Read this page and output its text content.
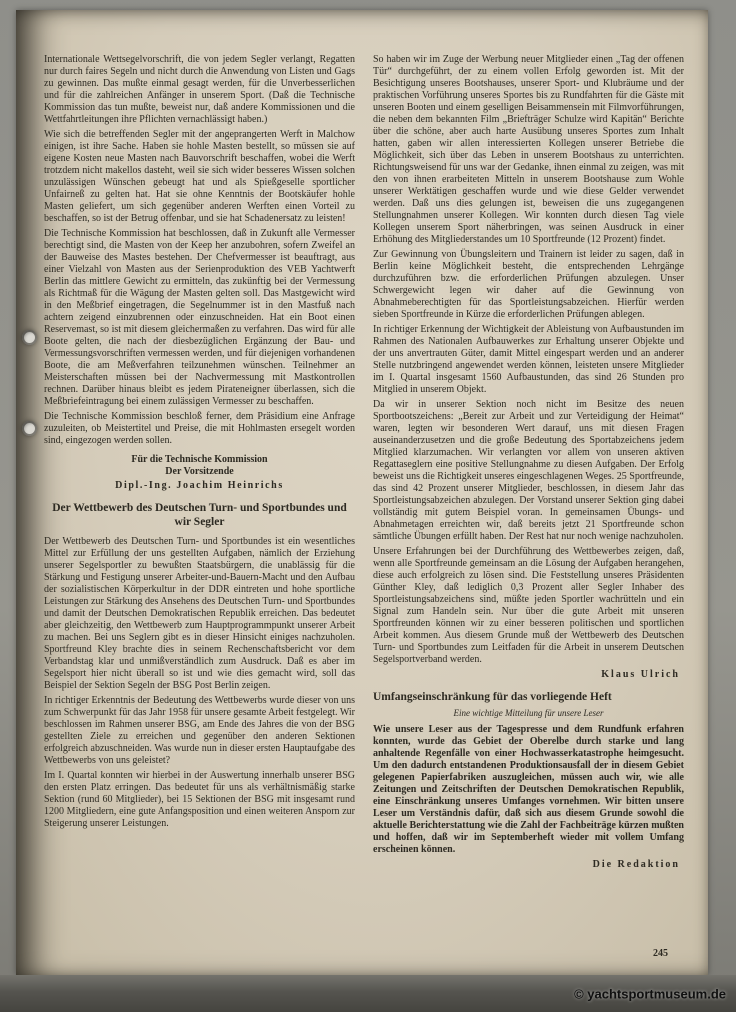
Internationale Wettsegelvorschrift, die von jedem Segler verlangt, Regatten nur durch faires Segeln und nicht durch die Anwendung von Listen und Gags zu gewinnen. Das mußte einmal gesagt werden, für die Unverbesserlichen und für die zahlreichen Anfänger in unserem Sport. (Daß die Technische Kommission das tun mußte, beweist nur, daß andere Kommissionen und die Wettfahrtleitungen ihre Pflichten vernachlässigt haben.)

Wie sich die betreffenden Segler mit der angeprangerten Werft in Malchow einigen, ist ihre Sache. Haben sie hohle Masten bestellt, so müssen sie auf eigene Kosten neue Masten nach Bauvorschrift beschaffen, wobei die Werft trotzdem nicht makellos dasteht, weil sie sich wider besseres Wissen solchen unzulässigen Wünschen gebeugt hat und als Spießgeselle sportlicher Unfairneß zu gelten hat. Hat sie ohne Kenntnis der Bootskäufer hohle Masten geliefert, um sich gegenüber anderen Werften einen Vorteil zu beschaffen, so ist der Betrug offenbar, und sie hat Schadenersatz zu leisten!

Die Technische Kommission hat beschlossen, daß in Zukunft alle Vermesser berechtigt sind, die Masten von der Keep her anzubohren, sofern Zweifel an der Bauweise des Mastes bestehen. Der Chefvermesser ist beauftragt, aus einer Vielzahl von Masten aus der Serienproduktion des VEB Yachtwerft Berlin das mittlere Gewicht zu ermitteln, das zukünftig bei der Vermessung als Richtmaß für die Wägung der Masten gelten soll. Das Mastgewicht wird in den Meßbrief eingetragen, die Segelnummer ist in den Mastfuß nach achtern zeigend einzubrennen oder einzuschneiden. Hat ein Boot einen Reservemast, so ist mit diesem gleichermaßen zu verfahren. Das wird für alle Boote gelten, die nach der diesbezüglichen Ergänzung der Bau- und Vermessungsvorschriften vermessen werden, und für diejenigen vorhandenen Boote, die am Meßverfahren teilzunehmen wünschen. Teilnehmer an Meisterschaften müssen bei der Nachvermessung mit Mastkontrollen rechnen. Darüber hinaus bleibt es jedem Pirateneigner überlassen, sich die Meßbriefeintragung bei einem zulässigen Vermesser zu beschaffen.

Die Technische Kommission beschloß ferner, dem Präsidium eine Anfrage zuzuleiten, ob Meistertitel und Preise, die mit Hohlmasten ersegelt worden sind, eingezogen werden sollen.

Für die Technische Kommission
Der Vorsitzende
Dipl.-Ing. Joachim Heinrichs
Der Wettbewerb des Deutschen Turn- und Sportbundes und wir Segler

Der Wettbewerb des Deutschen Turn- und Sportbundes ist ein wesentliches Mittel zur Erfüllung der uns gestellten Aufgaben, nämlich der Erziehung unserer Segelsportler zu bewußten Staatsbürgern, die unablässig für die Stärkung und Festigung unserer Arbeiter-und-Bauern-Macht und den Aufbau der sozialistischen Körperkultur in der DDR eintreten und hohe sportliche Leistungen zur Stärkung des Ansehens des Deutschen Turn- und Sportbundes und damit der Deutschen Demokratischen Republik erreichen. Das bedeutet aber gleichzeitig, den Wettbewerb zum Hauptprogrammpunkt unserer Arbeit zu machen. Bei uns Seglern gibt es in dieser Hinsicht einiges nachzuholen. Sportfreund Kley brachte dies in seinem Rechenschaftsbericht vor dem Verbandstag klar und unmißverständlich zum Ausdruck. Daß es aber im Segelsport hier nicht überall so ist und wie dies gemacht wird, soll das Beispiel der Sektion Segeln der BSG Post Berlin zeigen.

In richtiger Erkenntnis der Bedeutung des Wettbewerbs wurde dieser von uns zum Schwerpunkt für das Jahr 1958 für unsere gesamte Arbeit festgelegt. Wir beschlossen im Rahmen unserer BSG, am Ende des Jahres die von der BSG gestellten Ziele zu erreichen und gegenüber den anderen Sektionen erfolgreich abzuschneiden. Was wurde nun in dieser ersten Hauptaufgabe des Wettbewerbs von uns geleistet?

Im I. Quartal konnten wir hierbei in der Auswertung innerhalb unserer BSG den ersten Platz erringen. Das bedeutet für uns als verhältnismäßig starke Sektion (rund 60 Mitglieder), bei 15 Sektionen der BSG mit insgesamt rund 1200 Mitgliedern, eine gute Anfangsposition und einen weiteren Ansporn zur Steigerung unserer Leistungen.

So haben wir im Zuge der Werbung neuer Mitglieder einen „Tag der offenen Tür“ durchgeführt, der zu einem vollen Erfolg geworden ist. Mit der Besichtigung unseres Bootshauses, unserer Sport- und Klubräume und der praktischen Vorführung unseres Sportes bis zu Rundfahrten für die Gäste mit unseren Booten und einem geselligen Beisammensein mit Filmvorführungen, die neben dem bekannten Film „Briefträger Schulze wird Kapitän“ Berichte über die schöne, aber auch harte Ausübung unseres Sportes zum Inhalt hatten, gaben wir allen interessierten Kollegen unserer Betriebe die Möglichkeit, sich über das Leben in unserem Bootshaus zu unterrichten. Richtungsweisend für uns war der Gedanke, ihnen einmal zu zeigen, was mit den von ihnen erarbeiteten Mitteln in unserem Bootshause zum Wohle unserer Werktätigen geschaffen wurde und wie diese Gelder verwendet werden. Daß uns dies gelungen ist, beweisen die uns zugegangenen Stellungnahmen unserer Kollegen. Wir konnten durch diesen Tag viele Kollegen unserem Sport näherbringen, was seinen Ausdruck in einer Erhöhung des Mitgliederstandes um 10 Sportfreunde (12 Prozent) findet.

Zur Gewinnung von Übungsleitern und Trainern ist leider zu sagen, daß in Berlin keine Möglichkeit besteht, die entsprechenden Lehrgänge durchzuführen bzw. die erforderlichen Prüfungen abzulegen. Unser Schwergewicht legen wir daher auf die Gewinnung von Abnahmeberechtigten für das Sportleistungsabzeichen. Hierfür werden sieben Sportfreunde in Kürze die erforderlichen Prüfungen ablegen.

In richtiger Erkennung der Wichtigkeit der Ableistung von Aufbaustunden im Rahmen des Nationalen Aufbauwerkes zur Erhaltung unserer Objekte und der uns anvertrauten Güter, damit Mittel eingespart werden und an anderer Stelle nutzbringend angewendet werden können, leisteten unsere Mitglieder im I. Quartal insgesamt 1560 Aufbaustunden, das sind 26 Stunden pro Mitglied in unserem Objekt.

Da wir in unserer Sektion noch nicht im Besitze des neuen Sportbootszeichens: „Bereit zur Arbeit und zur Verteidigung der Heimat“ waren, legten wir besonderen Wert darauf, uns mit diesen Fragen auseinanderzusetzen und die große Bedeutung des Sportabzeichens jedem Mitglied klarzumachen. Wir verlangten vor allem von unseren aktiven Regattaseglern eine positive Stellungnahme zu diesen Aufgaben. Der Erfolg beweist uns die Richtigkeit unseres eingeschlagenen Weges. 25 Sportfreunde, das sind 42 Prozent unserer Mitglieder, beschlossen, in diesem Jahr das Sportleistungsabzeichen abzulegen. Der Vorstand unserer Sektion ging dabei vollständig mit gutem Beispiel voran. In gemeinsamen Übungs- und Abnahmetagen erreichten wir, daß bereits jetzt 21 Sportfreunde schon sämtliche Übungen erfüllt haben. Der Rest hat nur noch wenige nachzuholen.

Unsere Erfahrungen bei der Durchführung des Wettbewerbes zeigen, daß, wenn alle Sportfreunde gemeinsam an die Lösung der Aufgaben herangehen, diese auch erfolgreich zu lösen sind. Die Feststellung unseres Präsidenten Günther Kley, daß lediglich 0,3 Prozent aller Segler Inhaber des Sportleistungsabzeichens sind, müßte jeden Sportler wachrütteln und ein Signal zum Handeln sein. Nur über die gute Arbeit mit unseren Sportfreunden können wir zu einer besseren politischen und sportlichen Arbeit kommen. Aus diesem Grunde muß der Wettbewerb des Deutschen Turn- und Sportbundes zum Leitfaden für die Arbeit in unserem Deutschen Segelsportverband werden.

Klaus Ulrich
Umfangseinschränkung für das vorliegende Heft
Eine wichtige Mitteilung für unsere Leser

Wie unsere Leser aus der Tagespresse und dem Rundfunk erfahren konnten, wurde das Gebiet der Oberelbe durch starke und lang anhaltende Regenfälle von einer Hochwasserkatastrophe heimgesucht. Um den dadurch entstandenen Produktionsausfall der in diesem Gebiet gelegenen Papierfabriken auszugleichen, müssen auch wir, wie alle Zeitungen und Zeitschriften der Deutschen Demokratischen Republik, eine Einschränkung unseres Umfanges vornehmen. Wir bitten unsere Leser um Verständnis dafür, daß sich aus diesem Grunde sowohl die aktuelle Berichterstattung wie die Zahl der Fachbeiträge kürzen mußten und hoffen, daß wir im Septemberheft wieder mit vollem Umfang erscheinen können.

Die Redaktion
245
© yachtsportmuseum.de
